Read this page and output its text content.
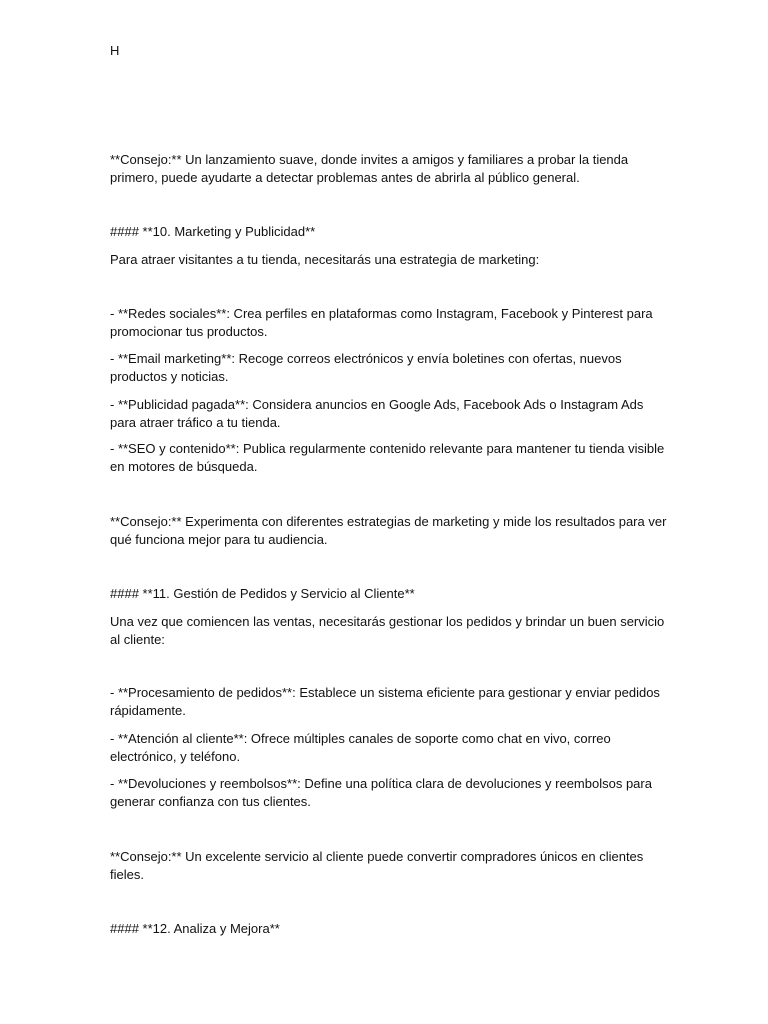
H
**Consejo:** Un lanzamiento suave, donde invites a amigos y familiares a probar la tienda primero, puede ayudarte a detectar problemas antes de abrirla al público general.
#### **10. Marketing y Publicidad**
Para atraer visitantes a tu tienda, necesitarás una estrategia de marketing:
- **Redes sociales**: Crea perfiles en plataformas como Instagram, Facebook y Pinterest para promocionar tus productos.
- **Email marketing**: Recoge correos electrónicos y envía boletines con ofertas, nuevos productos y noticias.
- **Publicidad pagada**: Considera anuncios en Google Ads, Facebook Ads o Instagram Ads para atraer tráfico a tu tienda.
- **SEO y contenido**: Publica regularmente contenido relevante para mantener tu tienda visible en motores de búsqueda.
**Consejo:** Experimenta con diferentes estrategias de marketing y mide los resultados para ver qué funciona mejor para tu audiencia.
#### **11. Gestión de Pedidos y Servicio al Cliente**
Una vez que comiencen las ventas, necesitarás gestionar los pedidos y brindar un buen servicio al cliente:
- **Procesamiento de pedidos**: Establece un sistema eficiente para gestionar y enviar pedidos rápidamente.
- **Atención al cliente**: Ofrece múltiples canales de soporte como chat en vivo, correo electrónico, y teléfono.
- **Devoluciones y reembolsos**: Define una política clara de devoluciones y reembolsos para generar confianza con tus clientes.
**Consejo:** Un excelente servicio al cliente puede convertir compradores únicos en clientes fieles.
#### **12. Analiza y Mejora**
